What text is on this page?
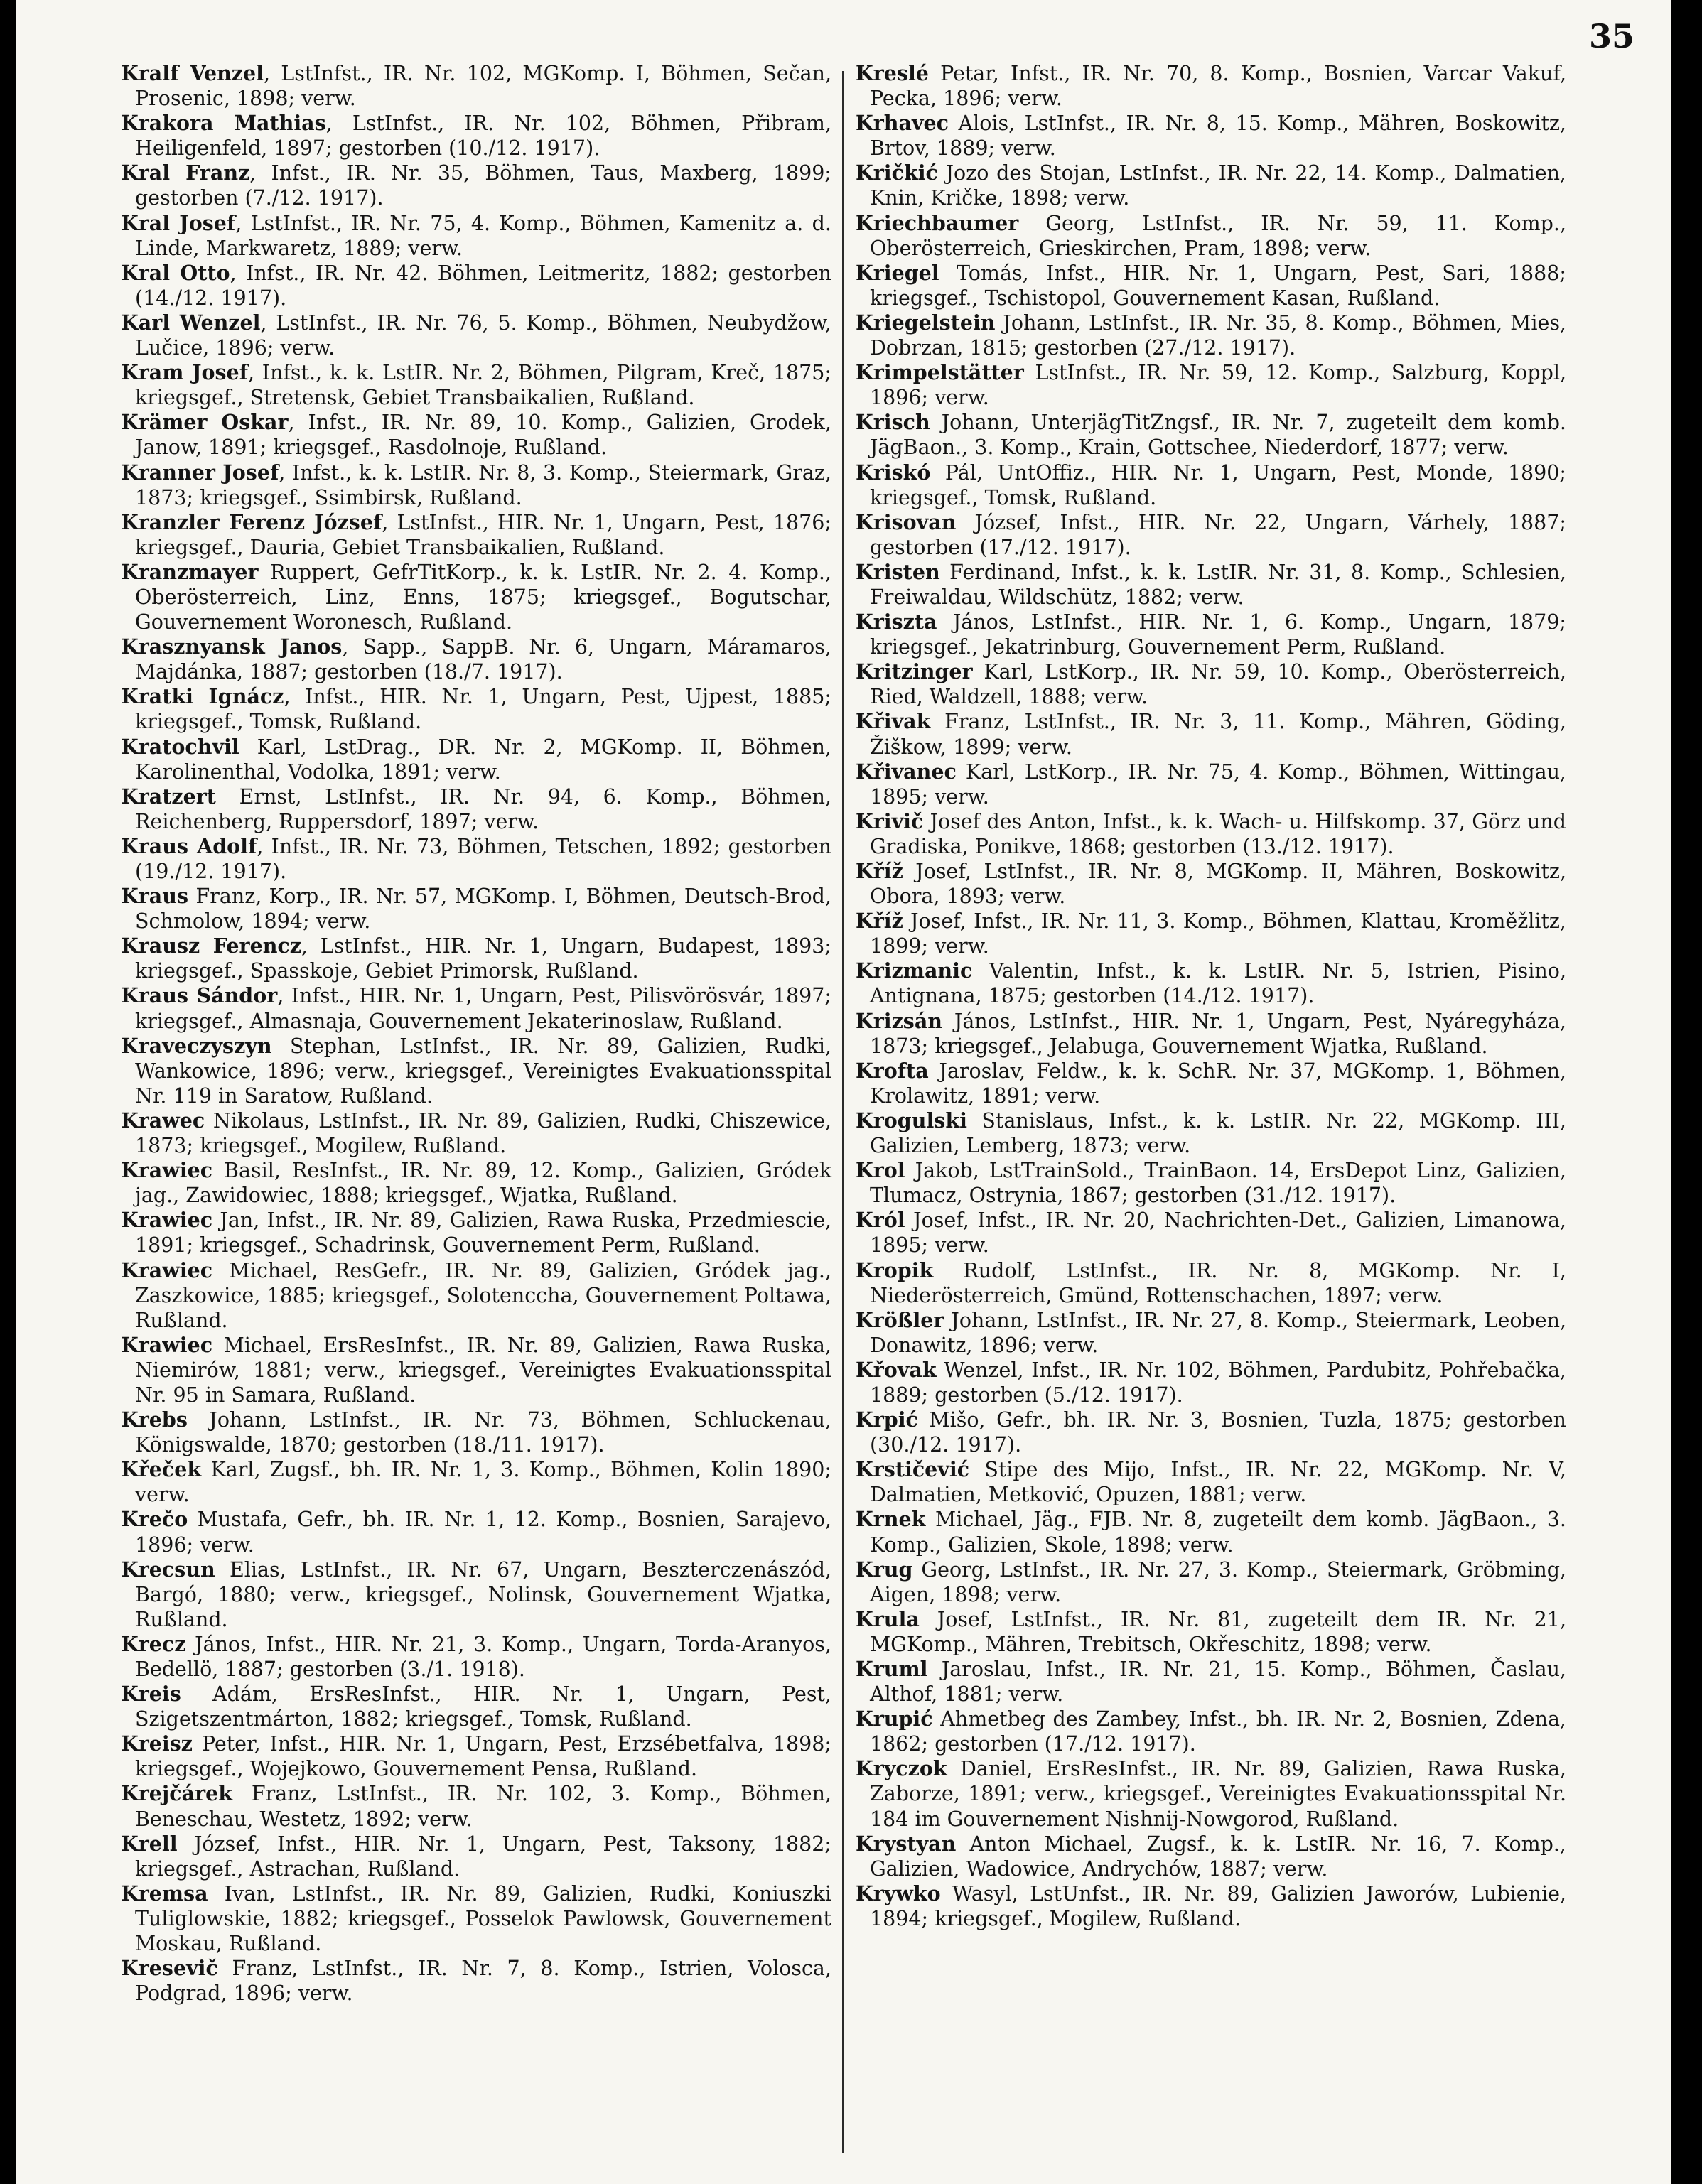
35

Kralf Venzel, LstInfst., IR. Nr. 102, MGKomp. I, Böhmen, Sečan, Prosenic, 1898; verw.

Krakora Mathias, LstInfst., IR. Nr. 102, Böhmen, Přibram, Heiligenfeld, 1897; gestorben (10./12. 1917).

Kral Franz, Infst., IR. Nr. 35, Böhmen, Taus, Maxberg, 1899; gestorben (7./12. 1917).

Kral Josef, LstInfst., IR. Nr. 75, 4. Komp., Böhmen, Kamenitz a. d. Linde, Markwaretz, 1889; verw.

Kral Otto, Infst., IR. Nr. 42. Böhmen, Leitmeritz, 1882; gestorben (14./12. 1917).

Karl Wenzel, LstInfst., IR. Nr. 76, 5. Komp., Böhmen, Neubydžow, Lučice, 1896; verw.

Kram Josef, Infst., k. k. LstIR. Nr. 2, Böhmen, Pilgram, Kreč, 1875; kriegsgef., Stretensk, Gebiet Transbaikalien, Rußland.

Krämer Oskar, Infst., IR. Nr. 89, 10. Komp., Galizien, Grodek, Janow, 1891; kriegsgef., Rasdolnoje, Rußland.

Kranner Josef, Infst., k. k. LstIR. Nr. 8, 3. Komp., Steiermark, Graz, 1873; kriegsgef., Ssimbirsk, Rußland.

Kranzler Ferenz József, LstInfst., HIR. Nr. 1, Ungarn, Pest, 1876; kriegsgef., Dauria, Gebiet Transbaikalien, Rußland.

Kranzmayer Ruppert, GefrTitKorp., k. k. LstIR. Nr. 2. 4. Komp., Oberösterreich, Linz, Enns, 1875; kriegsgef., Bogutschar, Gouvernement Woronesch, Rußland.

Krasznyansk Janos, Sapp., SappB. Nr. 6, Ungarn, Máramaros, Majdánka, 1887; gestorben (18./7. 1917).

Kratki Ignácz, Infst., HIR. Nr. 1, Ungarn, Pest, Ujpest, 1885; kriegsgef., Tomsk, Rußland.

Kratochvil Karl, LstDrag., DR. Nr. 2, MGKomp. II, Böhmen, Karolinenthal, Vodolka, 1891; verw.

Kratzert Ernst, LstInfst., IR. Nr. 94, 6. Komp., Böhmen, Reichenberg, Ruppersdorf, 1897; verw.

Kraus Adolf, Infst., IR. Nr. 73, Böhmen, Tetschen, 1892; gestorben (19./12. 1917).

Kraus Franz, Korp., IR. Nr. 57, MGKomp. I, Böhmen, Deutsch-Brod, Schmolow, 1894; verw.

Krausz Ferencz, LstInfst., HIR. Nr. 1, Ungarn, Budapest, 1893; kriegsgef., Spasskoje, Gebiet Primorsk, Rußland.

Kraus Sándor, Infst., HIR. Nr. 1, Ungarn, Pest, Pilisvörösvár, 1897; kriegsgef., Almasnaja, Gouvernement Jekaterinoslaw, Rußland.

Kraveczyszyn Stephan, LstInfst., IR. Nr. 89, Galizien, Rudki, Wankowice, 1896; verw., kriegsgef., Vereinigtes Evakuationsspital Nr. 119 in Saratow, Rußland.

Krawec Nikolaus, LstInfst., IR. Nr. 89, Galizien, Rudki, Chiszewice, 1873; kriegsgef., Mogilew, Rußland.

Krawiec Basil, ResInfst., IR. Nr. 89, 12. Komp., Galizien, Gródek jag., Zawidowiec, 1888; kriegsgef., Wjatka, Rußland.

Krawiec Jan, Infst., IR. Nr. 89, Galizien, Rawa Ruska, Przedmiescie, 1891; kriegsgef., Schadrinsk, Gouvernement Perm, Rußland.

Krawiec Michael, ResGefr., IR. Nr. 89, Galizien, Gródek jag., Zaszkowice, 1885; kriegsgef., Solotenccha, Gouvernement Poltawa, Rußland.

Krawiec Michael, ErsResInfst., IR. Nr. 89, Galizien, Rawa Ruska, Niemirów, 1881; verw., kriegsgef., Vereinigtes Evakuationsspital Nr. 95 in Samara, Rußland.

Krebs Johann, LstInfst., IR. Nr. 73, Böhmen, Schluckenau, Königswalde, 1870; gestorben (18./11. 1917).

Křeček Karl, Zugsf., bh. IR. Nr. 1, 3. Komp., Böhmen, Kolin 1890; verw.

Krečo Mustafa, Gefr., bh. IR. Nr. 1, 12. Komp., Bosnien, Sarajevo, 1896; verw.

Krecsun Elias, LstInfst., IR. Nr. 67, Ungarn, Beszterczenászód, Bargó, 1880; verw., kriegsgef., Nolinsk, Gouvernement Wjatka, Rußland.

Krecz János, Infst., HIR. Nr. 21, 3. Komp., Ungarn, Torda-Aranyos, Bedellö, 1887; gestorben (3./1. 1918).

Kreis Adám, ErsResInfst., HIR. Nr. 1, Ungarn, Pest, Szigetszentmárton, 1882; kriegsgef., Tomsk, Rußland.

Kreisz Peter, Infst., HIR. Nr. 1, Ungarn, Pest, Erzsébetfalva, 1898; kriegsgef., Wojejkowo, Gouvernement Pensa, Rußland.

Krejčárek Franz, LstInfst., IR. Nr. 102, 3. Komp., Böhmen, Beneschau, Westetz, 1892; verw.

Krell József, Infst., HIR. Nr. 1, Ungarn, Pest, Taksony, 1882; kriegsgef., Astrachan, Rußland.

Kremsa Ivan, LstInfst., IR. Nr. 89, Galizien, Rudki, Koniuszki Tuliglowskie, 1882; kriegsgef., Posselok Pawlowsk, Gouvernement Moskau, Rußland.

Kresevič Franz, LstInfst., IR. Nr. 7, 8. Komp., Istrien, Volosca, Podgrad, 1896; verw.

Kreslé Petar, Infst., IR. Nr. 70, 8. Komp., Bosnien, Varcar Vakuf, Pecka, 1896; verw.

Krhavec Alois, LstInfst., IR. Nr. 8, 15. Komp., Mähren, Boskowitz, Brtov, 1889; verw.

Kričkić Jozo des Stojan, LstInfst., IR. Nr. 22, 14. Komp., Dalmatien, Knin, Kričke, 1898; verw.

Kriechbaumer Georg, LstInfst., IR. Nr. 59, 11. Komp., Oberösterreich, Grieskirchen, Pram, 1898; verw.

Kriegel Tomás, Infst., HIR. Nr. 1, Ungarn, Pest, Sari, 1888; kriegsgef., Tschistopol, Gouvernement Kasan, Rußland.

Kriegelstein Johann, LstInfst., IR. Nr. 35, 8. Komp., Böhmen, Mies, Dobrzan, 1815; gestorben (27./12. 1917).

Krimpelstätter LstInfst., IR. Nr. 59, 12. Komp., Salzburg, Koppl, 1896; verw.

Krisch Johann, UnterjägTitZngsf., IR. Nr. 7, zugeteilt dem komb. JägBaon., 3. Komp., Krain, Gottschee, Niederdorf, 1877; verw.

Kriskó Pál, UntOffiz., HIR. Nr. 1, Ungarn, Pest, Monde, 1890; kriegsgef., Tomsk, Rußland.

Krisovan József, Infst., HIR. Nr. 22, Ungarn, Várhely, 1887; gestorben (17./12. 1917).

Kristen Ferdinand, Infst., k. k. LstIR. Nr. 31, 8. Komp., Schlesien, Freiwaldau, Wildschütz, 1882; verw.

Kriszta János, LstInfst., HIR. Nr. 1, 6. Komp., Ungarn, 1879; kriegsgef., Jekatrinburg, Gouvernement Perm, Rußland.

Kritzinger Karl, LstKorp., IR. Nr. 59, 10. Komp., Oberösterreich, Ried, Waldzell, 1888; verw.

Křivak Franz, LstInfst., IR. Nr. 3, 11. Komp., Mähren, Göding, Žiškow, 1899; verw.

Křivanec Karl, LstKorp., IR. Nr. 75, 4. Komp., Böhmen, Wittingau, 1895; verw.

Krivič Josef des Anton, Infst., k. k. Wach- u. Hilfskomp. 37, Görz und Gradiska, Ponikve, 1868; gestorben (13./12. 1917).

Kříž Josef, LstInfst., IR. Nr. 8, MGKomp. II, Mähren, Boskowitz, Obora, 1893; verw.

Kříž Josef, Infst., IR. Nr. 11, 3. Komp., Böhmen, Klattau, Kroměžlitz, 1899; verw.

Krizmanic Valentin, Infst., k. k. LstIR. Nr. 5, Istrien, Pisino, Antignana, 1875; gestorben (14./12. 1917).

Krizsán János, LstInfst., HIR. Nr. 1, Ungarn, Pest, Nyáregyháza, 1873; kriegsgef., Jelabuga, Gouvernement Wjatka, Rußland.

Krofta Jaroslav, Feldw., k. k. SchR. Nr. 37, MGKomp. 1, Böhmen, Krolawitz, 1891; verw.

Krogulski Stanislaus, Infst., k. k. LstIR. Nr. 22, MGKomp. III, Galizien, Lemberg, 1873; verw.

Krol Jakob, LstTrainSold., TrainBaon. 14, ErsDepot Linz, Galizien, Tlumacz, Ostrynia, 1867; gestorben (31./12. 1917).

Król Josef, Infst., IR. Nr. 20, Nachrichten-Det., Galizien, Limanowa, 1895; verw.

Kropik Rudolf, LstInfst., IR. Nr. 8, MGKomp. Nr. I, Niederösterreich, Gmünd, Rottenschachen, 1897; verw.

Krößler Johann, LstInfst., IR. Nr. 27, 8. Komp., Steiermark, Leoben, Donawitz, 1896; verw.

Křovak Wenzel, Infst., IR. Nr. 102, Böhmen, Pardubitz, Pohřebačka, 1889; gestorben (5./12. 1917).

Krpić Mišo, Gefr., bh. IR. Nr. 3, Bosnien, Tuzla, 1875; gestorben (30./12. 1917).

Krstičević Stipe des Mijo, Infst., IR. Nr. 22, MGKomp. Nr. V, Dalmatien, Metković, Opuzen, 1881; verw.

Krnek Michael, Jäg., FJB. Nr. 8, zugeteilt dem komb. JägBaon., 3. Komp., Galizien, Skole, 1898; verw.

Krug Georg, LstInfst., IR. Nr. 27, 3. Komp., Steiermark, Gröbming, Aigen, 1898; verw.

Krula Josef, LstInfst., IR. Nr. 81, zugeteilt dem IR. Nr. 21, MGKomp., Mähren, Trebitsch, Okřeschitz, 1898; verw.

Kruml Jaroslau, Infst., IR. Nr. 21, 15. Komp., Böhmen, Časlau, Althof, 1881; verw.

Krupić Ahmetbeg des Zambey, Infst., bh. IR. Nr. 2, Bosnien, Zdena, 1862; gestorben (17./12. 1917).

Kryczok Daniel, ErsResInfst., IR. Nr. 89, Galizien, Rawa Ruska, Zaborze, 1891; verw., kriegsgef., Vereinigtes Evakuationsspital Nr. 184 im Gouvernement Nishnij-Nowgorod, Rußland.

Krystyan Anton Michael, Zugsf., k. k. LstIR. Nr. 16, 7. Komp., Galizien, Wadowice, Andrychów, 1887; verw.

Krywko Wasyl, LstUnfst., IR. Nr. 89, Galizien Jaworów, Lubienie, 1894; kriegsgef., Mogilew, Rußland.
